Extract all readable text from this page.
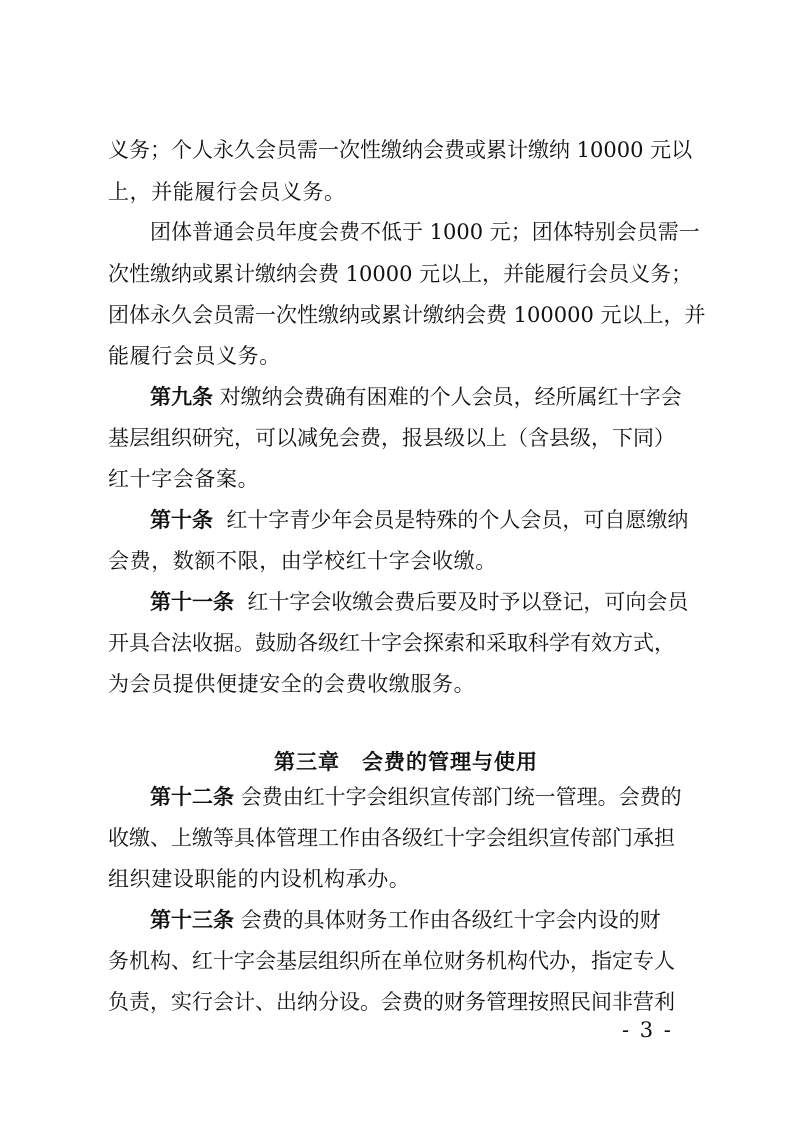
义务；个人永久会员需一次性缴纳会费或累计缴纳 10000 元以
上，并能履行会员义务。
团体普通会员年度会费不低于 1000 元；团体特别会员需一
次性缴纳或累计缴纳会费 10000 元以上，并能履行会员义务；
团体永久会员需一次性缴纳或累计缴纳会费 100000 元以上，并
能履行会员义务。
第九条 对缴纳会费确有困难的个人会员，经所属红十字会
基层组织研究，可以减免会费，报县级以上（含县级，下同）
红十字会备案。
第十条 红十字青少年会员是特殊的个人会员，可自愿缴纳
会费，数额不限，由学校红十字会收缴。
第十一条 红十字会收缴会费后要及时予以登记，可向会员
开具合法收据。鼓励各级红十字会探索和采取科学有效方式，
为会员提供便捷安全的会费收缴服务。
第三章 会费的管理与使用
第十二条 会费由红十字会组织宣传部门统一管理。会费的
收缴、上缴等具体管理工作由各级红十字会组织宣传部门承担
组织建设职能的内设机构承办。
第十三条 会费的具体财务工作由各级红十字会内设的财
务机构、红十字会基层组织所在单位财务机构代办，指定专人
负责，实行会计、出纳分设。会费的财务管理按照民间非营利
- 3 -
